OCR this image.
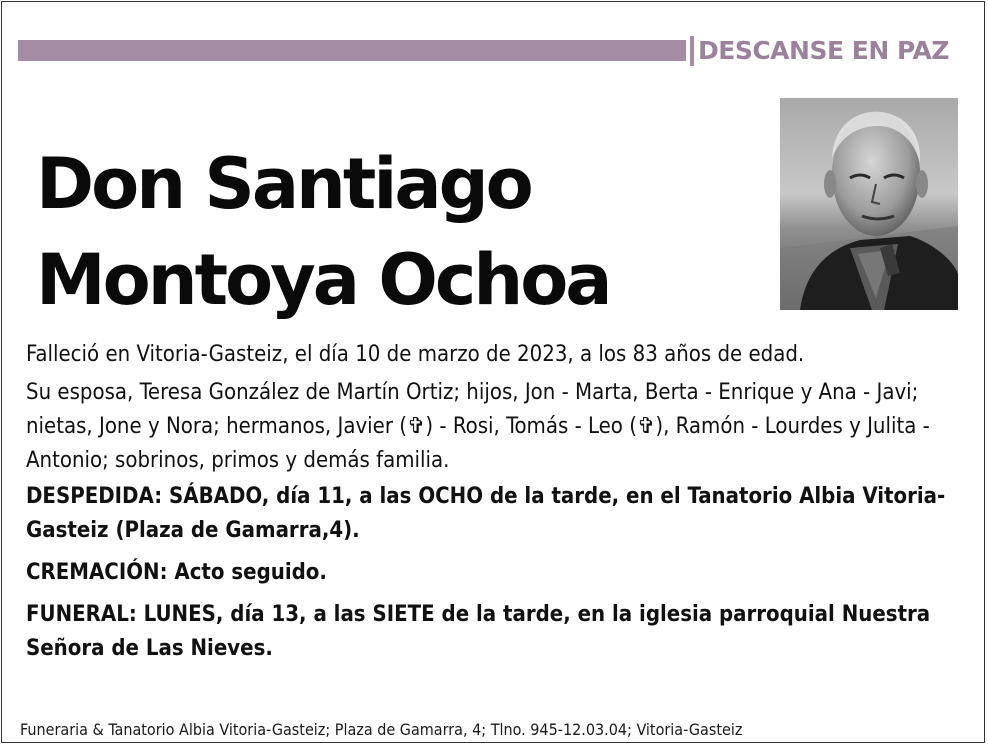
DESCANSE EN PAZ
Don Santiago
Montoya Ochoa

Falleció en Vitoria-Gasteiz, el día 10 de marzo de 2023, a los 83 años de edad.

Su esposa, Teresa González de Martín Ortiz; hijos, Jon - Marta, Berta - Enrique y Ana - Javi; nietas, Jone y Nora; hermanos, Javier (✞) - Rosi, Tomás - Leo (✞), Ramón - Lourdes y Julita - Antonio; sobrinos, primos y demás familia.

DESPEDIDA: SÁBADO, día 11, a las OCHO de la tarde, en el Tanatorio Albia Vitoria-Gasteiz (Plaza de Gamarra,4).

CREMACIÓN: Acto seguido.

FUNERAL: LUNES, día 13, a las SIETE de la tarde, en la iglesia parroquial Nuestra Señora de Las Nieves.

Funeraria & Tanatorio Albia Vitoria-Gasteiz; Plaza de Gamarra, 4; Tlno. 945-12.03.04; Vitoria-Gasteiz
